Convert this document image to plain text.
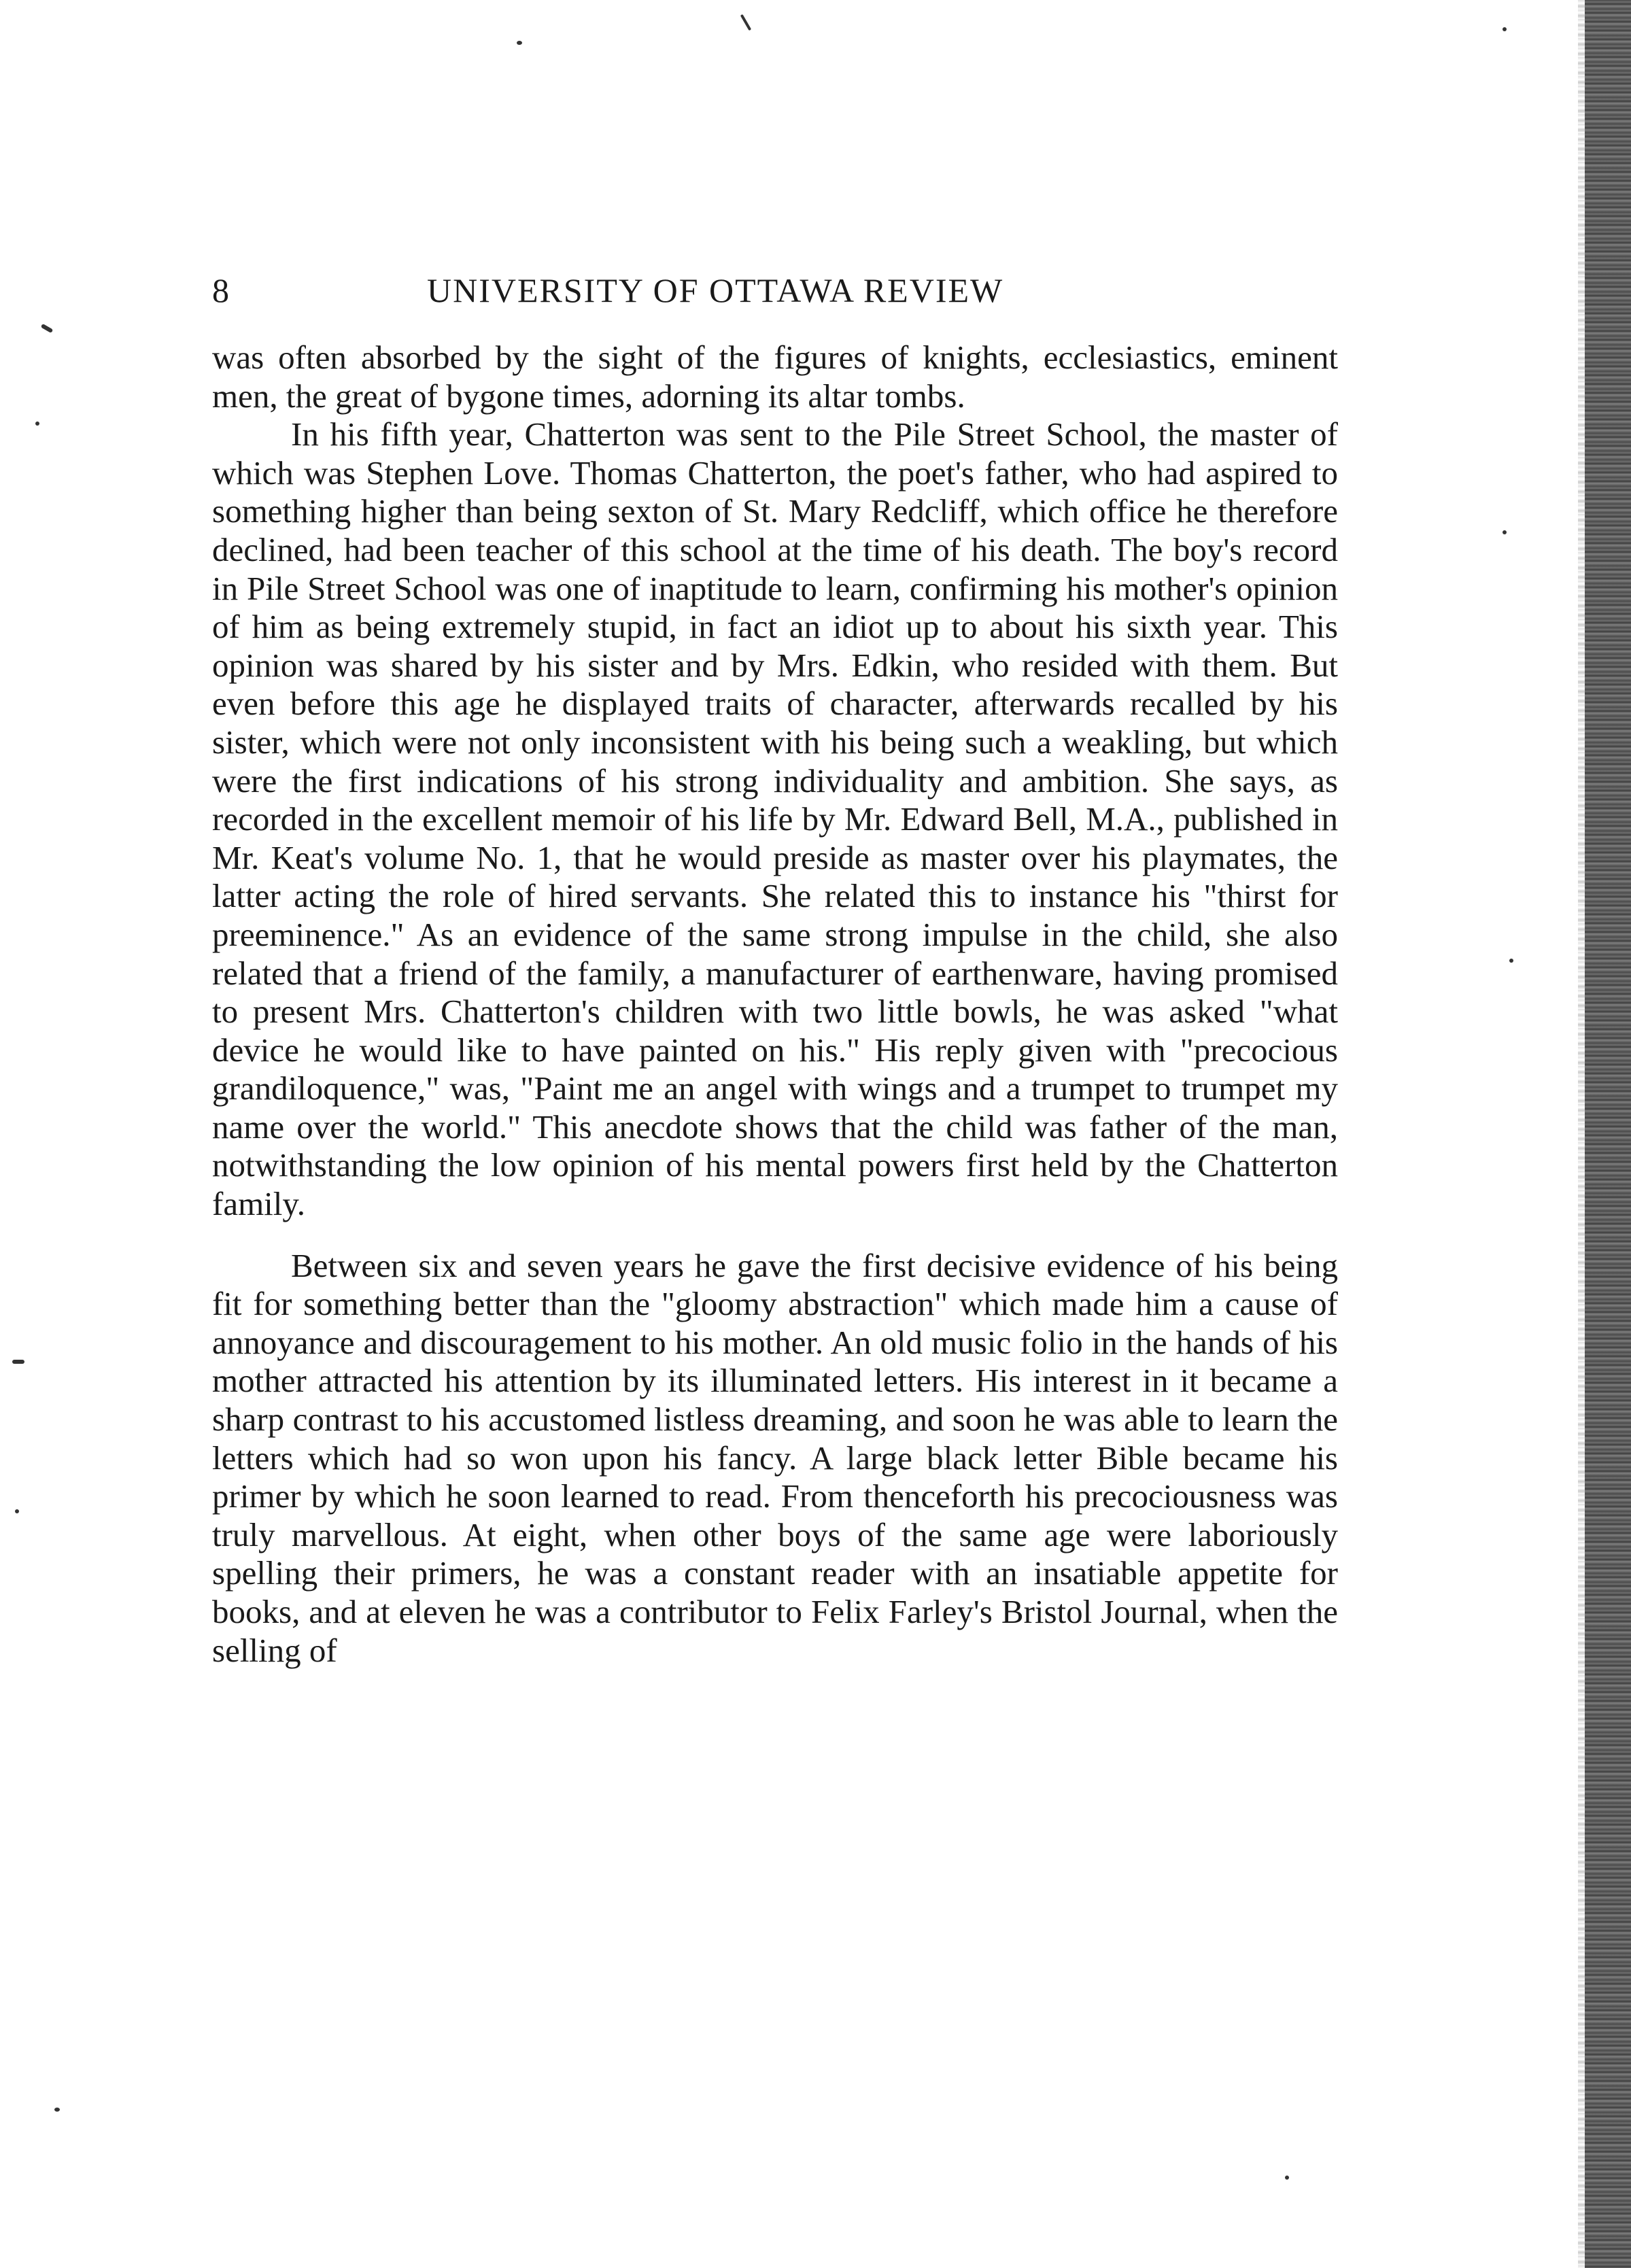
8	UNIVERSITY OF OTTAWA REVIEW

was often absorbed by the sight of the figures of knights, ecclesiastics, eminent men, the great of bygone times, adorning its altar tombs.

In his fifth year, Chatterton was sent to the Pile Street School, the master of which was Stephen Love. Thomas Chatterton, the poet's father, who had aspired to something higher than being sexton of St. Mary Redcliff, which office he therefore declined, had been teacher of this school at the time of his death. The boy's record in Pile Street School was one of inaptitude to learn, confirming his mother's opinion of him as being extremely stupid, in fact an idiot up to about his sixth year. This opinion was shared by his sister and by Mrs. Edkin, who resided with them. But even before this age he displayed traits of character, afterwards recalled by his sister, which were not only inconsistent with his being such a weakling, but which were the first indications of his strong individuality and ambition. She says, as recorded in the excellent memoir of his life by Mr. Edward Bell, M.A., published in Mr. Keat's volume No. 1, that he would preside as master over his playmates, the latter acting the role of hired servants. She related this to instance his "thirst for preeminence." As an evidence of the same strong impulse in the child, she also related that a friend of the family, a manufacturer of earthenware, having promised to present Mrs. Chatterton's children with two little bowls, he was asked "what device he would like to have painted on his." His reply given with "precocious grandiloquence," was, "Paint me an angel with wings and a trumpet to trumpet my name over the world." This anecdote shows that the child was father of the man, notwithstanding the low opinion of his mental powers first held by the Chatterton family.

Between six and seven years he gave the first decisive evidence of his being fit for something better than the "gloomy abstraction" which made him a cause of annoyance and discouragement to his mother. An old music folio in the hands of his mother attracted his attention by its illuminated letters. His interest in it became a sharp contrast to his accustomed listless dreaming, and soon he was able to learn the letters which had so won upon his fancy. A large black letter Bible became his primer by which he soon learned to read. From thenceforth his precociousness was truly marvellous. At eight, when other boys of the same age were laboriously spelling their primers, he was a constant reader with an insatiable appetite for books, and at eleven he was a contributor to Felix Farley's Bristol Journal, when the selling of
